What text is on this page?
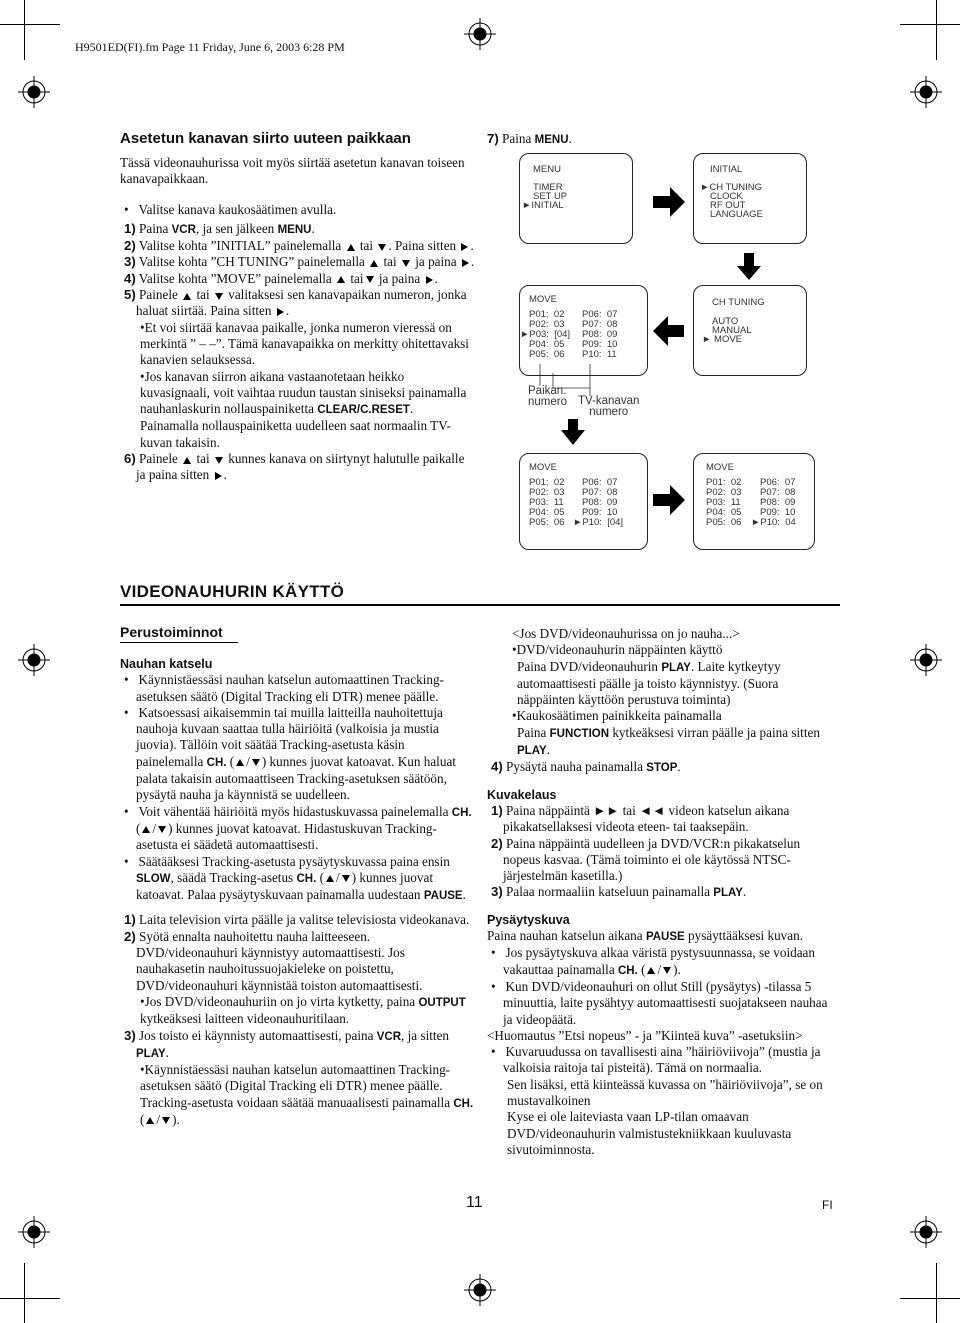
H9501ED(FI).fm Page 11 Friday, June 6, 2003 6:28 PM
Asetetun kanavan siirto uuteen paikkaan

Tässä videonauhurissa voit myös siirtää asetetun kanavan toiseen kanavapaikkaan.

•   Valitse kanava kaukosäätimen avulla.

1) Paina VCR, ja sen jälkeen MENU.

2) Valitse kohta ”INITIAL” painelemalla tai . Paina sitten .

3) Valitse kohta ”CH TUNING” painelemalla tai ja paina .

4) Valitse kohta ”MOVE” painelemalla tai ja paina .

5) Painele tai valitaksesi sen kanavapaikan numeron, jonka haluat siirtää. Paina sitten .

•Et voi siirtää kanavaa paikalle, jonka numeron vieressä on merkintä ” – –”. Tämä kanavapaikka on merkitty ohitettavaksi kanavien selauksessa.

•Jos kanavan siirron aikana vastaanotetaan heikko kuvasignaali, voit vaihtaa ruudun taustan siniseksi painamalla nauhanlaskurin nollauspainiketta CLEAR/C.RESET.
Painamalla nollauspainiketta uudelleen saat normaalin TV-kuvan takaisin.

6) Painele tai kunnes kanava on siirtynyt halutulle paikalle ja paina sitten .

7) Paina MENU.
MENU
TIMER
SET UP
►INITIAL
INITIAL
►CH TUNING
CLOCK
RF OUT
LANGUAGE
CH TUNING
AUTO
MANUAL
► MOVE
MOVE
P01:  02
P02:  03
►P03:  [04]
P04:  05
P05:  06
P06:  07
P07:  08
P08:  09
P09:  10
P10:  11
Paikan.
numero TV-kanavan
numero
MOVE
P01:  02
P02:  03
P03:  11
P04:  05
P05:  06
P06:  07
P07:  08
P08:  09
P09:  10
►P10:  [04]
MOVE
P01:  02
P02:  03
P03:  11
P04:  05
P05:  06
P06:  07
P07:  08
P08:  09
P09:  10
►P10:  04
VIDEONAUHURIN KÄYTTÖ
Perustoiminnot
Nauhan katselu

•   Käynnistäessäsi nauhan katselun automaattinen Tracking-asetuksen säätö (Digital Tracking eli DTR) menee päälle.

•   Katsoessasi aikaisemmin tai muilla laitteilla nauhoitettuja nauhoja kuvaan saattaa tulla häiriöitä (valkoisia ja mustia juovia). Tällöin voit säätää Tracking-asetusta käsin painelemalla CH. ( / ) kunnes juovat katoavat. Kun haluat palata takaisin automaattiseen Tracking-asetuksen säätöön, pysäytä nauha ja käynnistä se uudelleen.

•   Voit vähentää häiriöitä myös hidastuskuvassa painelemalla CH. ( / ) kunnes juovat katoavat. Hidastuskuvan Tracking-asetusta ei säädetä automaattisesti.

•   Säätääksesi Tracking-asetusta pysäytyskuvassa paina ensin SLOW, säädä Tracking-asetus CH. ( / ) kunnes juovat katoavat. Palaa pysäytyskuvaan painamalla uudestaan PAUSE.

1) Laita television virta päälle ja valitse televisiosta videokanava.

2) Syötä ennalta nauhoitettu nauha laitteeseen. DVD/videonauhuri käynnistyy automaattisesti. Jos nauhakasetin nauhoitussuojakieleke on poistettu, DVD/videonauhuri käynnistää toiston automaattisesti.

•Jos DVD/videonauhuriin on jo virta kytketty, paina OUTPUT kytkeäksesi laitteen videonauhuritilaan.

3) Jos toisto ei käynnisty automaattisesti, paina VCR, ja sitten PLAY.

•Käynnistäessäsi nauhan katselun automaattinen Tracking-asetuksen säätö (Digital Tracking eli DTR) menee päälle. Tracking-asetusta voidaan säätää manuaalisesti painamalla CH. ( / ).

<Jos DVD/videonauhurissa on jo nauha...>

•DVD/videonauhurin näppäinten käyttö

Paina DVD/videonauhurin PLAY. Laite kytkeytyy automaattisesti päälle ja toisto käynnistyy. (Suora näppäinten käyttöön perustuva toiminta)

•Kaukosäätimen painikkeita painamalla

Paina FUNCTION kytkeäksesi virran päälle ja paina sitten PLAY.

4) Pysäytä nauha painamalla STOP.

Kuvakelaus

1) Paina näppäintä ►► tai ◄◄ videon katselun aikana pikakatsellaksesi videota eteen- tai taaksepäin.

2) Paina näppäintä uudelleen ja DVD/VCR:n pikakatselun nopeus kasvaa. (Tämä toiminto ei ole käytössä NTSC-järjestelmän kasetilla.)

3) Palaa normaaliin katseluun painamalla PLAY.

Pysäytyskuva

Paina nauhan katselun aikana PAUSE pysäyttääksesi kuvan.

•   Jos pysäytyskuva alkaa väristä pystysuunnassa, se voidaan vakauttaa painamalla CH. ( / ).

•   Kun DVD/videonauhuri on ollut Still (pysäytys) -tilassa 5 minuuttia, laite pysähtyy automaattisesti suojatakseen nauhaa ja videopäätä.

<Huomautus ”Etsi nopeus” - ja ”Kiinteä kuva” -asetuksiin>

•   Kuvaruudussa on tavallisesti aina ”häiriöviivoja” (mustia ja valkoisia raitoja tai pisteitä). Tämä on normaalia.

Sen lisäksi, että kiinteässä kuvassa on ”häiriöviivoja”, se on mustavalkoinen

Kyse ei ole laiteviasta vaan LP-tilan omaavan DVD/videonauhurin valmistustekniikkaan kuuluvasta sivutoiminnosta.

11	FI
